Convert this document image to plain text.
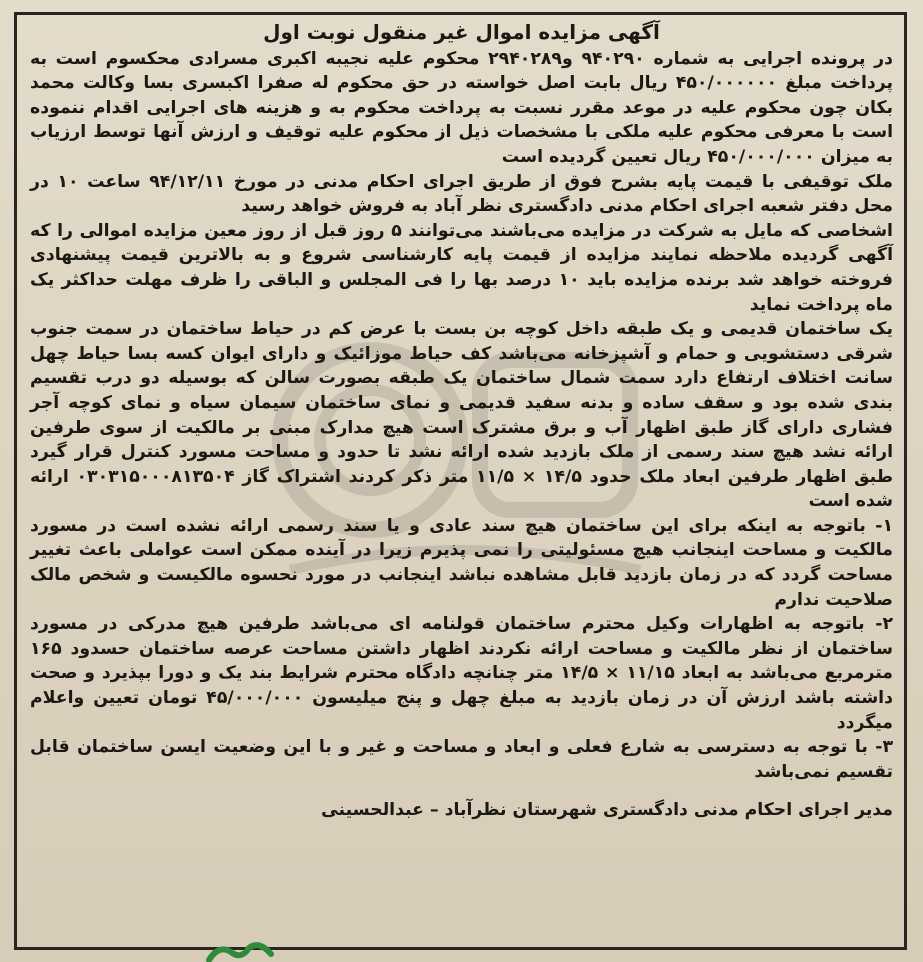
آگهی مزایده اموال غیر منقول نوبت اول

در پرونده اجرایی به شماره ۹۴۰۲۹۰ و۲۹۴۰۲۸۹ محکوم علیه نجیبه اکبری مسرادی محکسوم است به پرداخت مبلغ ۴۵۰/۰۰۰۰۰۰ ریال بابت اصل خواسته در حق محکوم له صفرا اکبسری بسا وکالت محمد بکان چون محکوم علیه در موعد مقرر نسبت به پرداخت محکوم به و هزینه های اجرایی اقدام ننموده است با معرفی محکوم علیه ملکی با مشخصات ذیل از محکوم علیه توقیف و ارزش آنها توسط ارزیاب به میزان ۴۵۰/۰۰۰/۰۰۰ ریال تعیین گردیده است

ملک توقیفی با قیمت پایه بشرح فوق از طریق اجرای احکام مدنی در مورخ ۹۴/۱۲/۱۱ ساعت ۱۰ در محل دفتر شعبه اجرای احکام مدنی دادگستری نظر آباد به فروش خواهد رسید

اشخاصی که مایل به شرکت در مزایده می‌باشند می‌توانند ۵ روز قبل از روز معین مزایده اموالی را که آگهی گردیده ملاحظه نمایند مزایده از قیمت پایه کارشناسی شروع و به بالاترین قیمت پیشنهادی فروخته خواهد شد برنده مزایده باید ۱۰ درصد بها را فی المجلس و الباقی را ظرف مهلت حداکثر یک ماه پرداخت نماید

یک ساختمان قدیمی و یک طبقه داخل کوچه بن بست با عرض کم در حیاط ساختمان در سمت جنوب شرقی دستشویی و حمام و آشپزخانه می‌باشد کف حیاط موزائیک و دارای ایوان کسه بسا حیاط چهل سانت اختلاف ارتفاع دارد سمت شمال ساختمان یک طبقه بصورت سالن که بوسیله دو درب تقسیم بندی شده بود و سقف ساده و بدنه سفید قدیمی و نمای ساختمان سیمان سیاه و نمای کوچه آجر فشاری دارای گاز طبق اظهار آب و برق مشترک است هیچ مدارک مبنی بر مالکیت از سوی طرفین ارائه نشد هیچ سند رسمی از ملک بازدید شده ارائه نشد تا حدود و مساحت مسورد کنترل قرار گیرد طبق اظهار طرفین ابعاد ملک حدود ۱۴/۵ × ۱۱/۵ متر ذکر کردند اشتراک گاز ۰۳۰۳۱۵۰۰۰۸۱۳۵۰۴ ارائه شده است

۱- باتوجه به اینکه برای این ساختمان هیچ سند عادی و یا سند رسمی ارائه نشده است در مسورد مالکیت و مساحت اینجانب هیچ مسئولیتی را نمی پذیرم زیرا در آینده ممکن است عواملی باعث تغییر مساحت گردد که در زمان بازدید قابل مشاهده نباشد اینجانب در مورد نحسوه مالکیست و شخص مالک صلاحیت ندارم

۲- باتوجه به اظهارات وکیل محترم ساختمان قولنامه ای می‌باشد طرفین هیچ مدرکی در مسورد ساختمان از نظر مالکیت و مساحت ارائه نکردند اظهار داشتن مساحت عرصه ساختمان حسدود ۱۶۵ مترمربع می‌باشد به ابعاد ۱۱/۱۵ × ۱۴/۵ متر چنانچه دادگاه محترم شرایط بند یک و دورا بپذیرد و صحت داشته باشد ارزش آن در زمان بازدید به مبلغ چهل و پنج میلیسون ۴۵/۰۰۰/۰۰۰ تومان تعیین واعلام میگردد

۳- با توجه به دسترسی به شارع فعلی و ابعاد و مساحت و غیر و با این وضعیت ایسن ساختمان قابل تقسیم نمی‌باشد

مدیر اجرای احکام مدنی دادگستری شهرستان نظرآباد – عبدالحسینی
